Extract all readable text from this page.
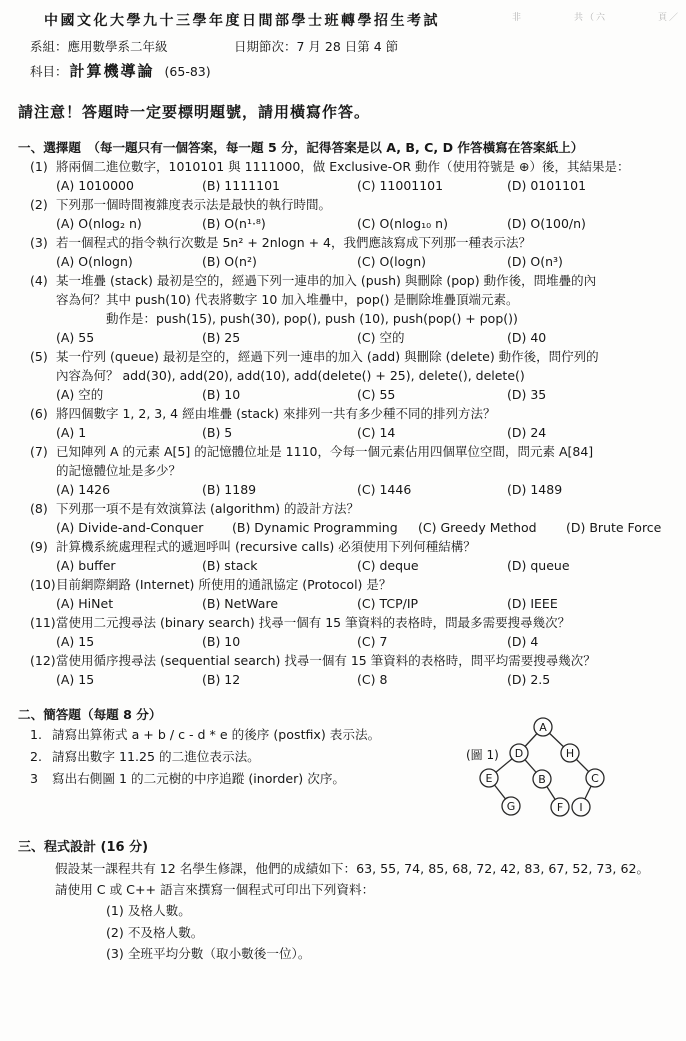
中國文化大學九十三學年度日間部學士班轉學招生考試	非	共（六	頁／
系組：應用數學系二年級	日期節次：7 月 28 日第 4 節
科目： 計算機導論 (65-83)
請注意！答題時一定要標明題號，請用橫寫作答。
一、選擇題　（每一題只有一個答案，每一題 5 分，記得答案是以 A, B, C, D 作答橫寫在答案紙上）
(1) 將兩個二進位數字，1010101 與 1111000，做 Exclusive-OR 動作（使用符號是 ⊕）後，其結果是：
(A) 1010000	(B) 1111101	(C) 11001101	(D) 0101101
(2) 下列那一個時間複雜度表示法是最快的執行時間。
(A) O(nlog₂ n)	(B) O(n¹·⁸)	(C) O(nlog₁₀ n)	(D) O(100/n)
(3) 若一個程式的指令執行次數是 5n² + 2nlogn + 4，我們應該寫成下列那一種表示法？
(A) O(nlogn)	(B) O(n²)	(C) O(logn)	(D) O(n³)
(4) 某一堆疊 (stack) 最初是空的，經過下列一連串的加入 (push) 與刪除 (pop) 動作後，問堆疊的內
容為何？其中 push(10) 代表將數字 10 加入堆疊中，pop() 是刪除堆疊頂端元素。
動作是：push(15), push(30), pop(), push (10), push(pop() + pop())
(A) 55	(B) 25	(C) 空的	(D) 40
(5) 某一佇列 (queue) 最初是空的，經過下列一連串的加入 (add) 與刪除 (delete) 動作後，問佇列的
內容為何？ add(30), add(20), add(10), add(delete() + 25), delete(), delete()
(A) 空的	(B) 10	(C) 55	(D) 35
(6) 將四個數字 1, 2, 3, 4 經由堆疊 (stack) 來排列一共有多少種不同的排列方法？
(A) 1	(B) 5	(C) 14	(D) 24
(7) 已知陣列 A 的元素 A[5] 的記憶體位址是 1110，今每一個元素佔用四個單位空間，問元素 A[84]
的記憶體位址是多少？
(A) 1426	(B) 1189	(C) 1446	(D) 1489
(8) 下列那一項不是有效演算法 (algorithm) 的設計方法？
(A) Divide-and-Conquer	(B) Dynamic Programming	(C) Greedy Method	(D) Brute Force
(9) 計算機系統處理程式的遞迴呼叫 (recursive calls) 必須使用下列何種結構？
(A) buffer	(B) stack	(C) deque	(D) queue
(10) 目前網際網路 (Internet) 所使用的通訊協定 (Protocol) 是？
(A) HiNet	(B) NetWare	(C) TCP/IP	(D) IEEE
(11) 當使用二元搜尋法 (binary search) 找尋一個有 15 筆資料的表格時，問最多需要搜尋幾次？
(A) 15	(B) 10	(C) 7	(D) 4
(12) 當使用循序搜尋法 (sequential search) 找尋一個有 15 筆資料的表格時，問平均需要搜尋幾次？
(A) 15	(B) 12	(C) 8	(D) 2.5
二、簡答題（每題 8 分）
1. 請寫出算術式 a + b / c - d * e 的後序 (postfix) 表示法。
2. 請寫出數字 11.25 的二進位表示法。
3	寫出右側圖 1 的二元樹的中序追蹤 (inorder) 次序。
A
D	H
E	B	C
G	F I
(圖 1)
三、程式設計 (16 分)
假設某一課程共有 12 名學生修課，他們的成績如下：63, 55, 74, 85, 68, 72, 42, 83, 67, 52, 73, 62。
請使用 C 或 C++ 語言來撰寫一個程式可印出下列資料：
(1) 及格人數。
(2) 不及格人數。
(3) 全班平均分數（取小數後一位）。
